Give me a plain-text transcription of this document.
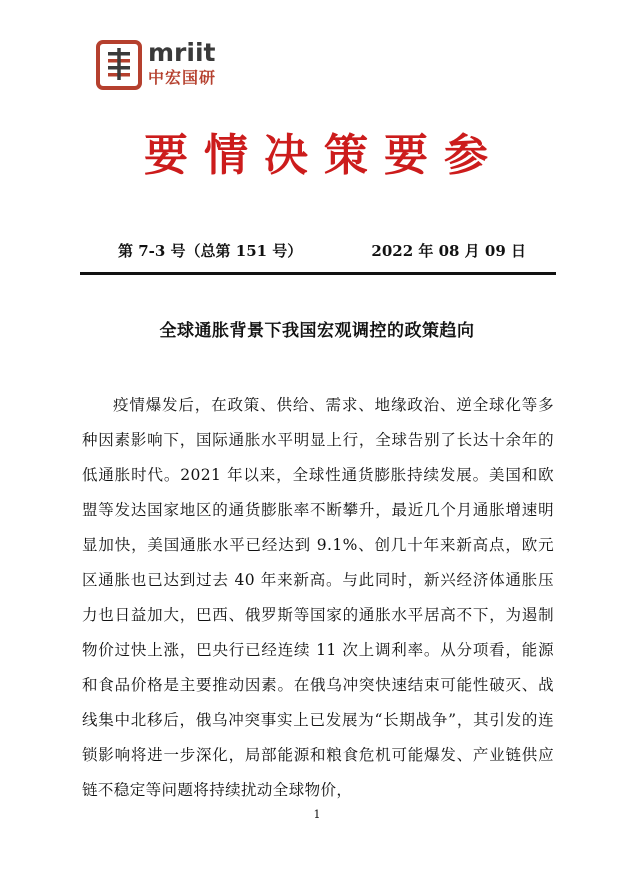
mriit
中宏国研
要情决策要参
第 7-3 号（总第 151 号）	2022 年 08 月 09 日
全球通胀背景下我国宏观调控的政策趋向

疫情爆发后，在政策、供给、需求、地缘政治、逆全球化等多种因素影响下，国际通胀水平明显上行，全球告别了长达十余年的低通胀时代。2021 年以来，全球性通货膨胀持续发展。美国和欧盟等发达国家地区的通货膨胀率不断攀升，最近几个月通胀增速明显加快，美国通胀水平已经达到 9.1%、创几十年来新高点，欧元区通胀也已达到过去 40 年来新高。与此同时，新兴经济体通胀压力也日益加大，巴西、俄罗斯等国家的通胀水平居高不下，为遏制物价过快上涨，巴央行已经连续 11 次上调利率。从分项看，能源和食品价格是主要推动因素。在俄乌冲突快速结束可能性破灭、战线集中北移后，俄乌冲突事实上已发展为“长期战争”，其引发的连锁影响将进一步深化，局部能源和粮食危机可能爆发、产业链供应链不稳定等问题将持续扰动全球物价，

1
